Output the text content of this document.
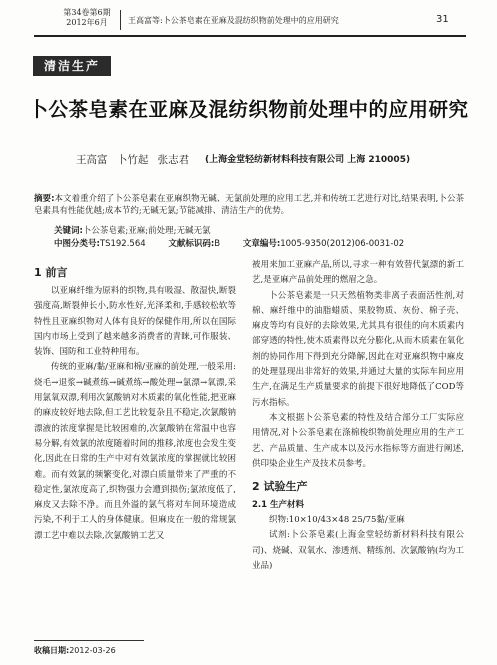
第34卷第6期
2012年6月	王高富等:卜公茶皂素在亚麻及混纺织物前处理中的应用研究	31
清洁生产
卜公茶皂素在亚麻及混纺织物前处理中的应用研究
王高富 卜竹起 张志君 (上海金堂轻纺新材料科技有限公司 上海 210005)
摘要:本文着重介绍了卜公茶皂素在亚麻织物无碱、无氯前处理的应用工艺,并和传统工艺进行对比,结果表明,卜公茶皂素具有性能优越;成本节约;无碱无氯;节能减排、清洁生产的优势。
关键词:卜公茶皂素;亚麻;前处理;无碱无氯
中图分类号:TS192.564	文献标识码:B	文章编号:1005-9350(2012)06-0031-02
1 前言

以亚麻纤维为原料的织物,具有吸湿、散湿快,断裂强度高,断裂伸长小,防水性好,光泽柔和,手感较松软等特性且亚麻织物对人体有良好的保健作用,所以在国际国内市场上受到了越来越多消费者的青睐,可作服装、装饰、国防和工业特种用布。

传统的亚麻/黏/亚麻和棉/亚麻的前处理,一般采用:烧毛→退浆→碱煮练→碱煮练→酸处理→氯漂→氧漂,采用氯氧双漂,利用次氯酸钠对木质素的氧化性能,把亚麻的麻皮较好地去除,但工艺比较复杂且不稳定,次氯酸钠漂液的浓度掌握是比较困难的,次氯酸钠在常温中也容易分解,有效氯的浓度随着时间的推移,浓度也会发生变化,因此在日常的生产中对有效氯浓度的掌握就比较困难。而有效氯的频繁变化,对漂白质量带来了严重的不稳定性,氯浓度高了,织物强力会遭到损伤;氯浓度低了,麻皮又去除不净。而且外溢的氯气将对车间环境造成污染,不利于工人的身体健康。但麻皮在一般的常规氯漂工艺中难以去除,次氯酸钠工艺又

被用来加工亚麻产品,所以,寻求一种有效替代氯漂的新工艺,是亚麻产品前处理的燃眉之急。

卜公茶皂素是一只天然植物类非离子表面活性剂,对棉、麻纤维中的油脂蜡质、果胶物质、灰份、棉子壳、麻皮等均有良好的去除效果,尤其具有很佳的向木质素内部穿透的特性,使木质素得以充分膨化,从而木质素在氧化剂的协同作用下得到充分降解,因此在对亚麻织物中麻皮的处理显现出非常好的效果,并通过大量的实际车间应用生产,在满足生产质量要求的前提下很好地降低了COD等污水指标。

本文根据卜公茶皂素的特性及结合部分工厂实际应用情况,对卜公茶皂素在涤棉梭织物前处理应用的生产工艺、产品质量、生产成本以及污水指标等方面进行阐述,供印染企业生产及技术员参考。

2 试验生产
2.1 生产材料

织物:10×10/43×48 25/75黏/亚麻

试剂:卜公茶皂素(上海金堂轻纺新材料科技有限公司)、烧碱、双氧水、渗透剂、精练剂、次氯酸钠(均为工业品)

收稿日期:2012-03-26
